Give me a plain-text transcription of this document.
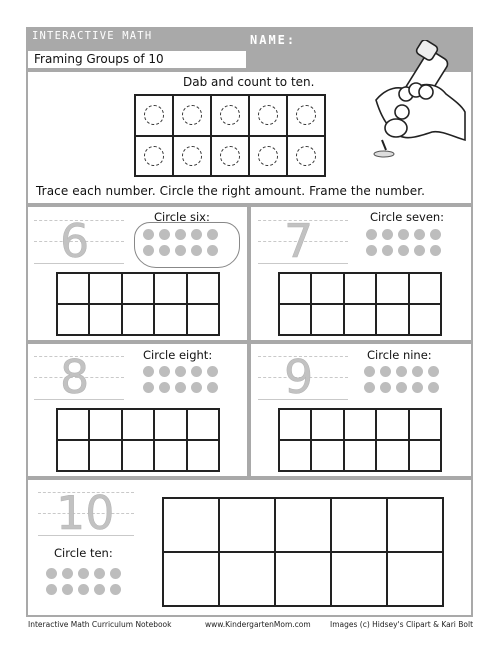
INTERACTIVE MATH	NAME:
Framing Groups of 10
Dab and count to ten.

Trace each number. Circle the right amount. Frame the number.
6	Circle six:

				7	Circle seven:

8	Circle eight:

				9	Circle nine:

10
Circle ten:

Interactive Math Curriculum Notebook	www.KindergartenMom.com	Images (c) Hidsey's Clipart & Kari Bolt
